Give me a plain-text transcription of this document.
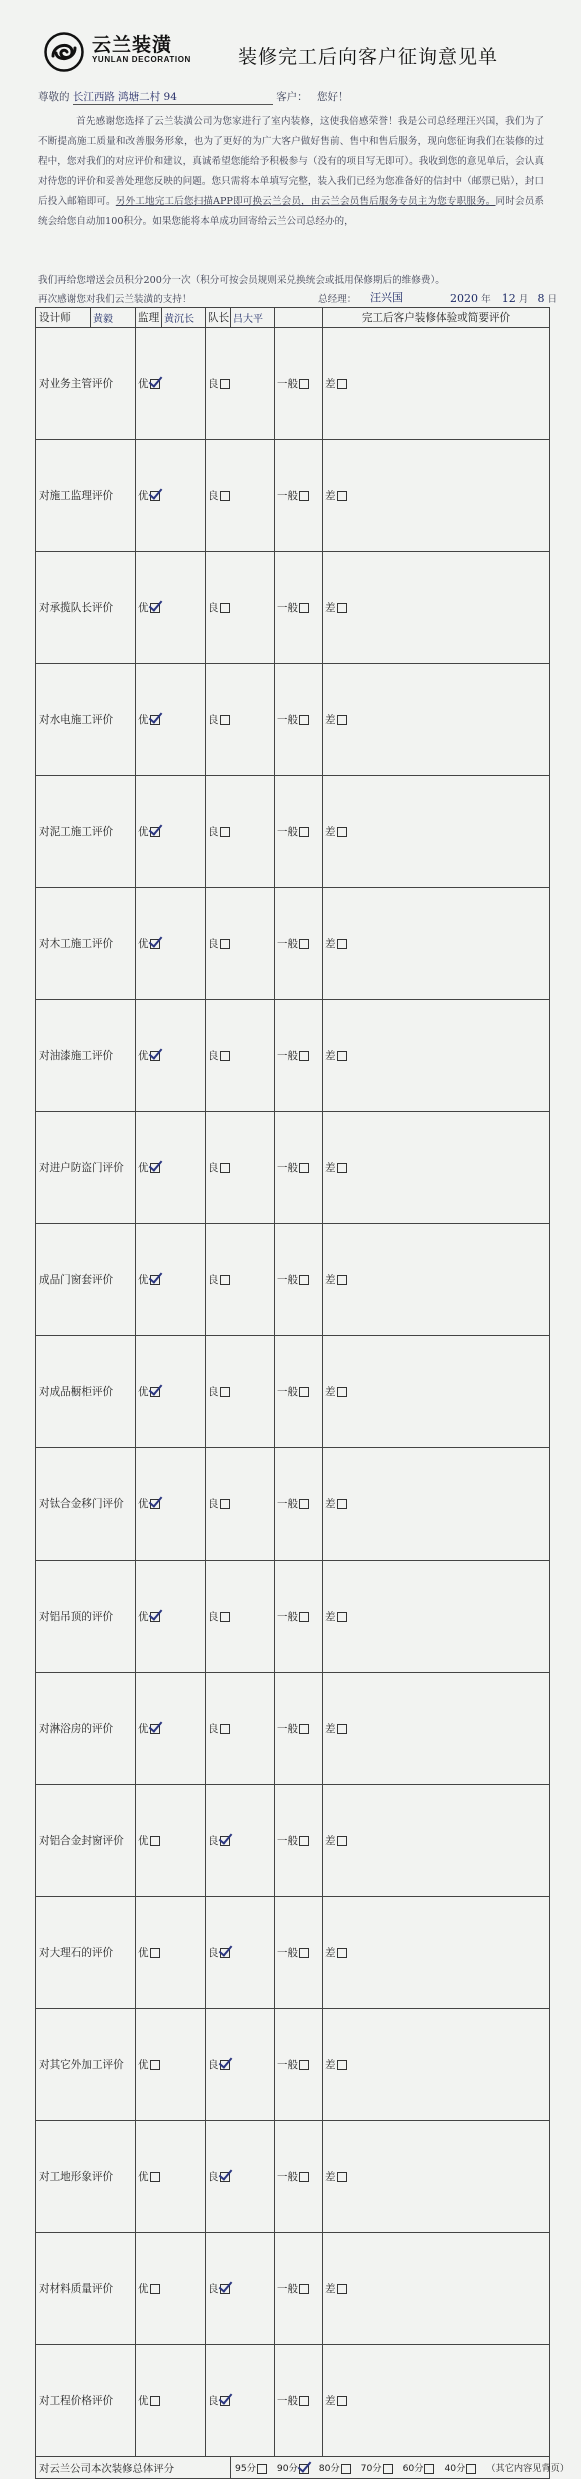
云兰装潢
YUNLAN DECORATION 装修完工后向客户征询意见单
尊敬的 长江西路 鸿塘二村 94	客户： 您好！
首先感谢您选择了云兰装潢公司为您家进行了室内装修，这使我倍感荣誉！我是公司总经理汪兴国，我们为了不断提高施工质量和改善服务形象，也为了更好的为广大客户做好售前、售中和售后服务，现向您征询我们在装修的过程中，您对我们的对应评价和建议，真诚希望您能给予积极参与（没有的项目写无即可）。我收到您的意见单后，会认真对待您的评价和妥善处理您反映的问题。您只需将本单填写完整，装入我们已经为您准备好的信封中（邮票已贴），封口后投入邮箱即可。另外工地完工后您扫描APP即可换云兰会员，由云兰会员售后服务专员主为您专职服务。同时会员系统会给您自动加100积分。如果您能将本单成功回寄给云兰公司总经办的，
我们再给您增送会员积分200分一次（积分可按会员规则采兑换统会或抵用保修期后的维修费）。
再次感谢您对我们云兰装潢的支持！	总经理： 汪兴国	2020 年 12 月 8 日
设计师	黄毅	监理	黄沉长	队长	吕大平		完工后客户装修体验或简要评价	
对业务主管评价		优		良		一般	差	

对施工监理评价		优		良		一般	差	
对承揽队长评价		优		良		一般	差	
对水电施工评价		优		良		一般	差	
对泥工施工评价		优		良		一般	差	
对木工施工评价		优		良		一般	差	
对油漆施工评价		优		良		一般	差	
对进户防盗门评价		优		良		一般	差	
成品门窗套评价		优		良		一般	差	
对成品橱柜评价		优		良		一般	差	
对钛合金移门评价		优		良		一般	差	
对铝吊顶的评价		优		良		一般	差	
对淋浴房的评价		优		良		一般	差	
对铝合金封窗评价		优		良		一般	差	
对大理石的评价		优		良		一般	差	
对其它外加工评价		优		良		一般	差	
对工地形象评价		优		良		一般	差	
对材料质量评价		优		良		一般	差	
对工程价格评价		优		良		一般	差	
对云兰公司本次装修总体评分					95分 90分 80分 70分 60分 40分 （其它内容见背页）			
